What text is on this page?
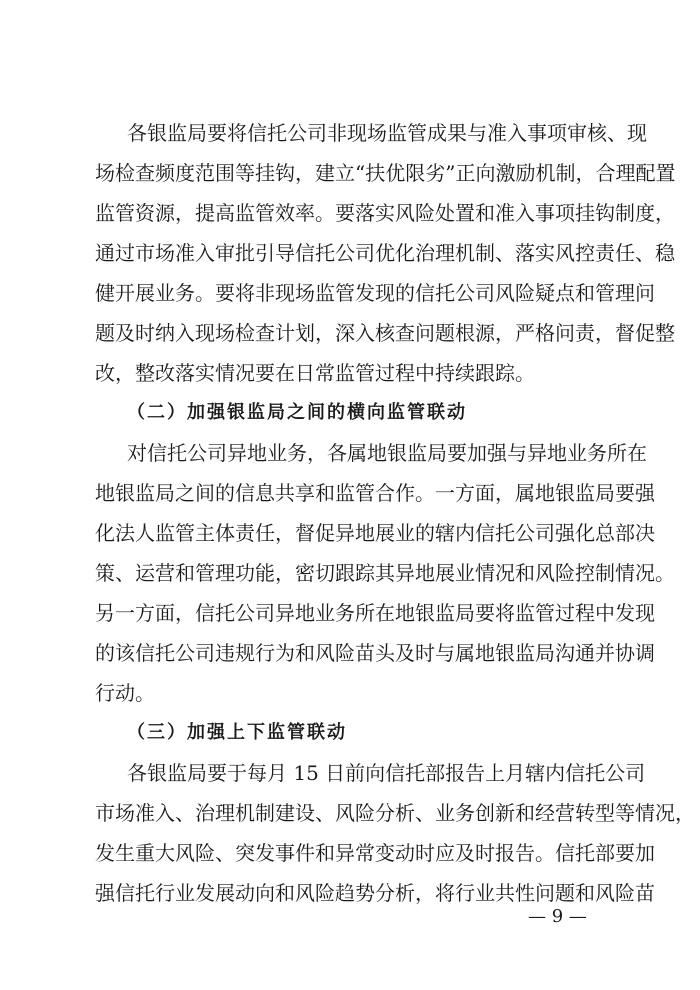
各银监局要将信托公司非现场监管成果与准入事项审核、现
场检查频度范围等挂钩，建立“扶优限劣”正向激励机制，合理配置
监管资源，提高监管效率。要落实风险处置和准入事项挂钩制度，
通过市场准入审批引导信托公司优化治理机制、落实风控责任、稳
健开展业务。要将非现场监管发现的信托公司风险疑点和管理问
题及时纳入现场检查计划，深入核查问题根源，严格问责，督促整
改，整改落实情况要在日常监管过程中持续跟踪。
（二）加强银监局之间的横向监管联动
对信托公司异地业务，各属地银监局要加强与异地业务所在
地银监局之间的信息共享和监管合作。一方面，属地银监局要强
化法人监管主体责任，督促异地展业的辖内信托公司强化总部决
策、运营和管理功能，密切跟踪其异地展业情况和风险控制情况。
另一方面，信托公司异地业务所在地银监局要将监管过程中发现
的该信托公司违规行为和风险苗头及时与属地银监局沟通并协调
行动。
（三）加强上下监管联动
各银监局要于每月 15 日前向信托部报告上月辖内信托公司
市场准入、治理机制建设、风险分析、业务创新和经营转型等情况，
发生重大风险、突发事件和异常变动时应及时报告。信托部要加
强信托行业发展动向和风险趋势分析，将行业共性问题和风险苗
— 9 —
